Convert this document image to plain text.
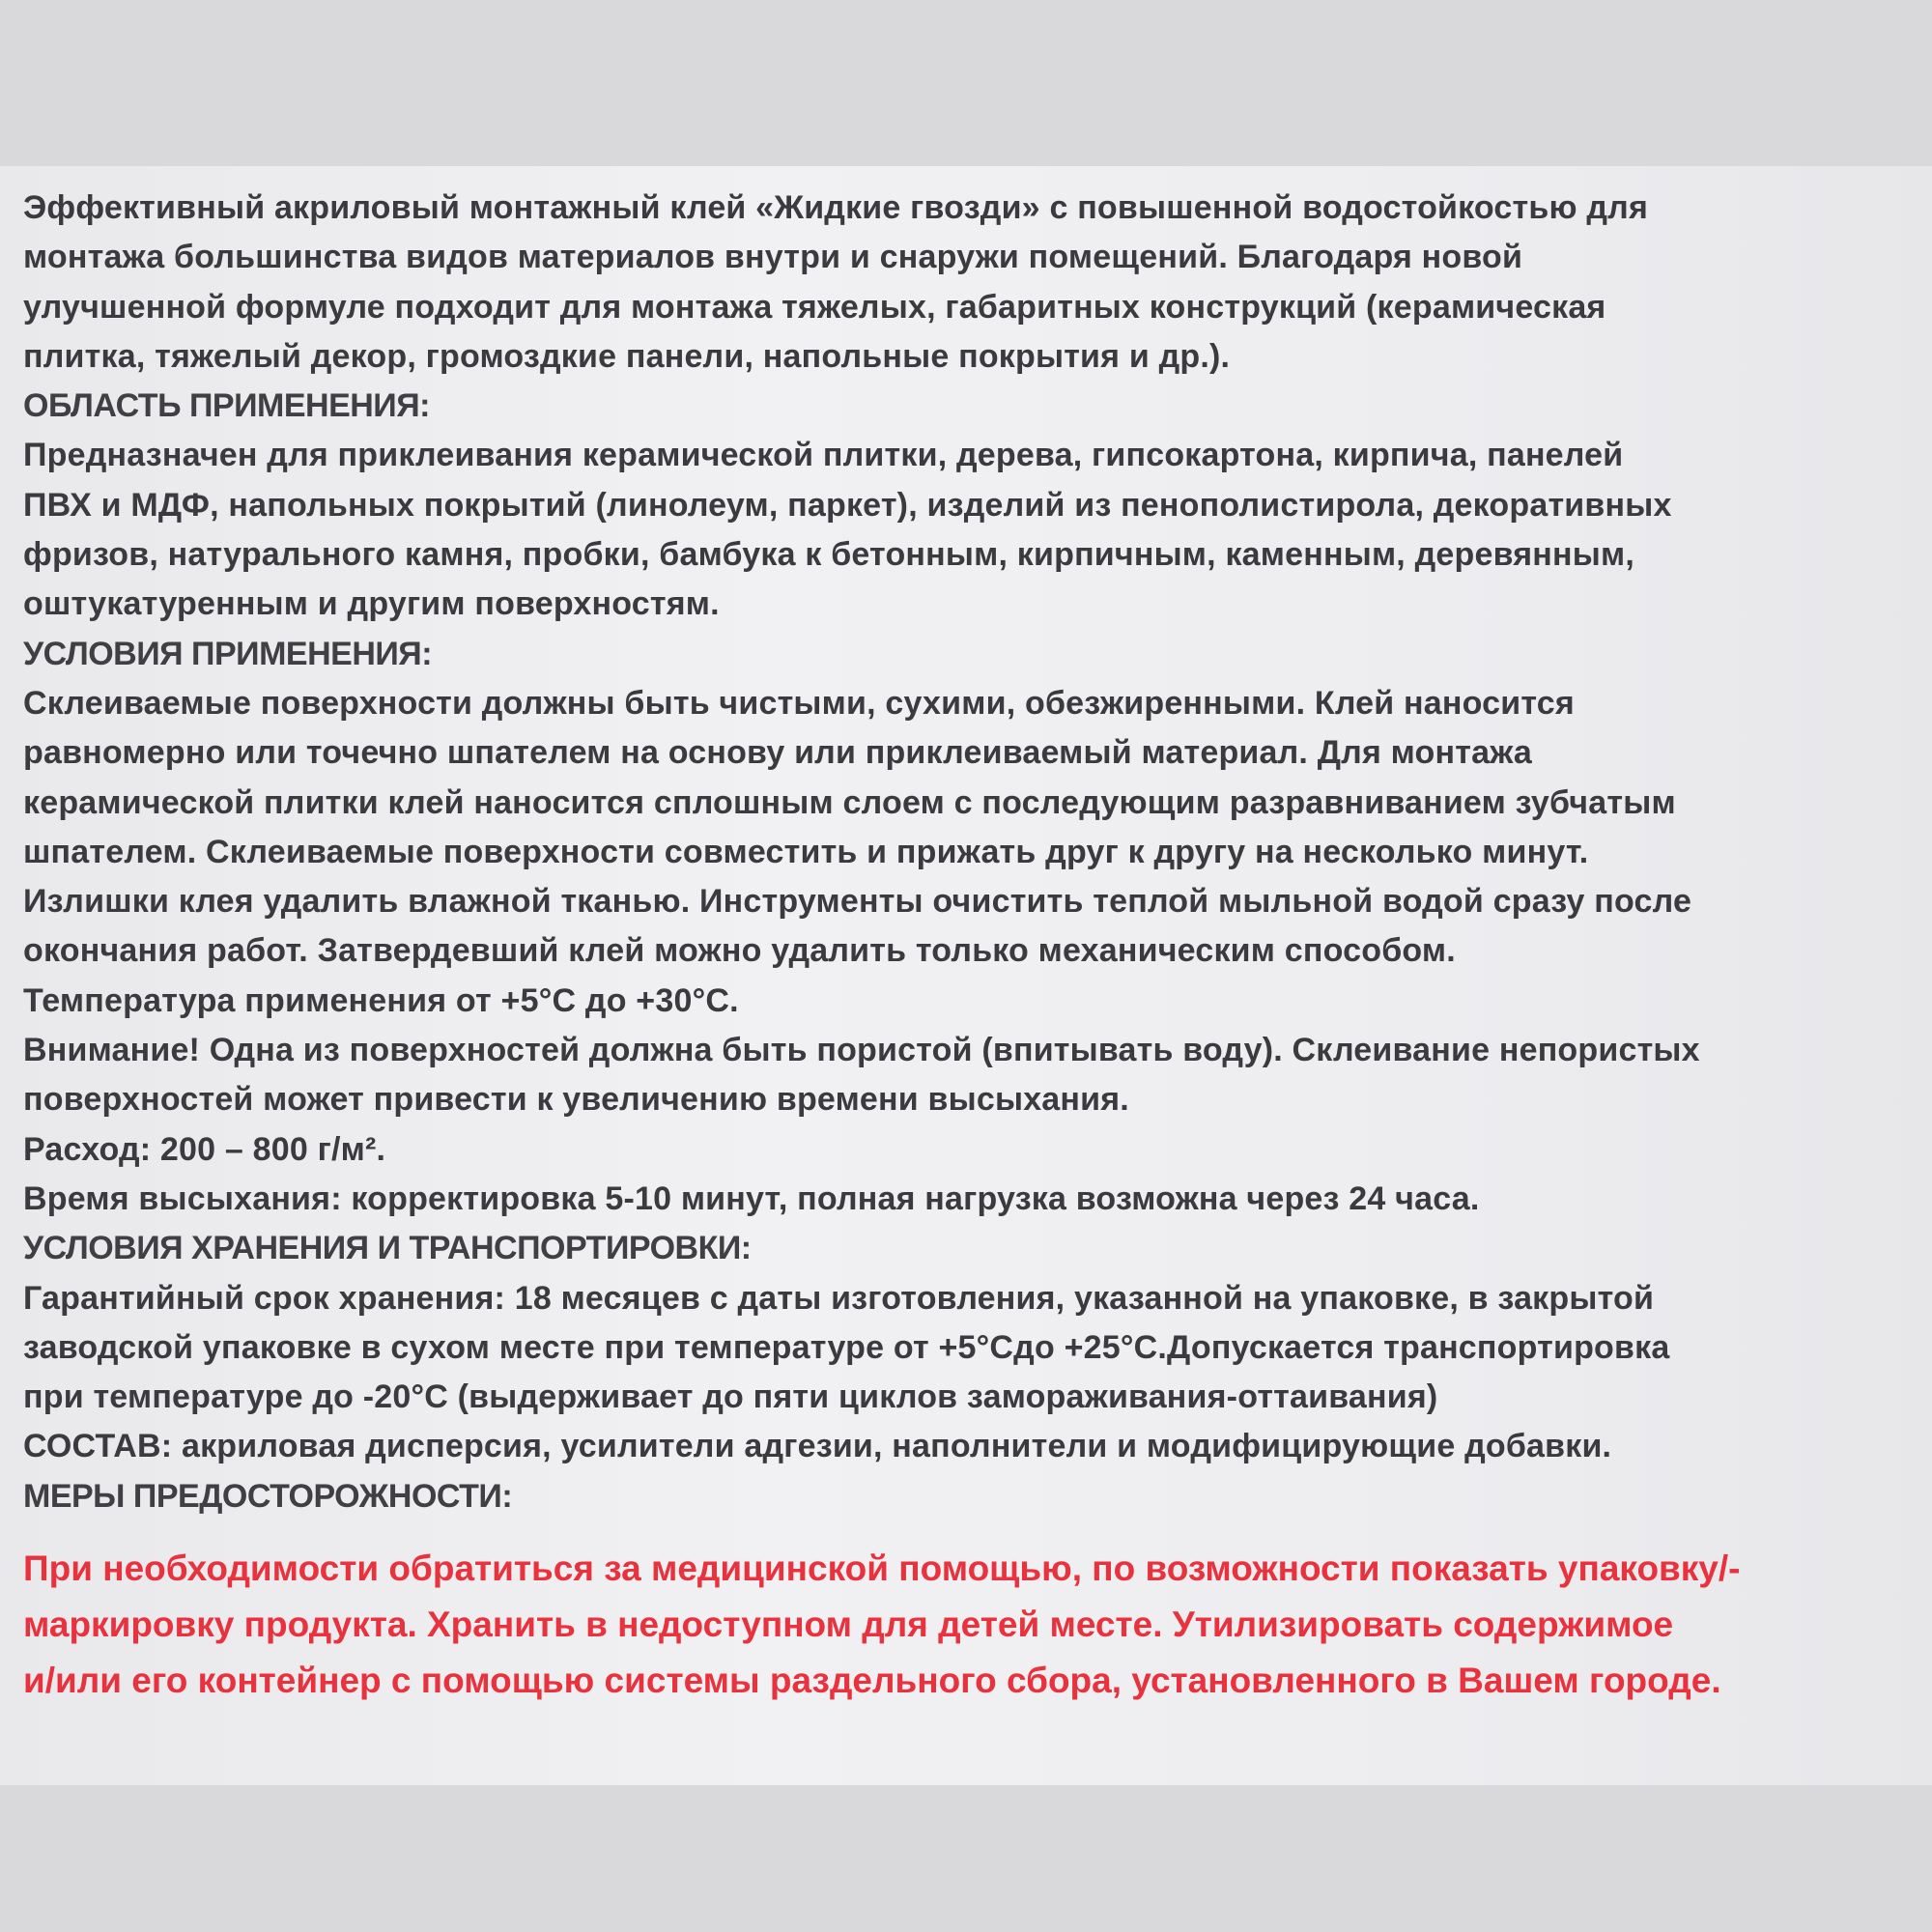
Эффективный акриловый монтажный клей «Жидкие гвозди» с повышенной водостойкостью для
монтажа большинства видов материалов внутри и снаружи помещений. Благодаря новой
улучшенной формуле подходит для монтажа тяжелых, габаритных конструкций (керамическая
плитка, тяжелый декор, громоздкие панели, напольные покрытия и др.).
ОБЛАСТЬ ПРИМЕНЕНИЯ:
Предназначен для приклеивания керамической плитки, дерева, гипсокартона, кирпича, панелей
ПВХ и МДФ, напольных покрытий (линолеум, паркет), изделий из пенополистирола, декоративных
фризов, натурального камня, пробки, бамбука к бетонным, кирпичным, каменным, деревянным,
оштукатуренным и другим поверхностям.
УСЛОВИЯ ПРИМЕНЕНИЯ:
Склеиваемые поверхности должны быть чистыми, сухими, обезжиренными. Клей наносится
равномерно или точечно шпателем на основу или приклеиваемый материал. Для монтажа
керамической плитки клей наносится сплошным слоем с последующим разравниванием зубчатым
шпателем. Склеиваемые поверхности совместить и прижать друг к другу на несколько минут.
Излишки клея удалить влажной тканью. Инструменты очистить теплой мыльной водой сразу после
окончания работ. Затвердевший клей можно удалить только механическим способом.
Температура применения от +5°С до +30°С.
Внимание! Одна из поверхностей должна быть пористой (впитывать воду). Склеивание непористых
поверхностей может привести к увеличению времени высыхания.
Расход: 200 – 800 г/м².
Время высыхания: корректировка 5-10 минут, полная нагрузка возможна через 24 часа.
УСЛОВИЯ ХРАНЕНИЯ И ТРАНСПОРТИРОВКИ:
Гарантийный срок хранения: 18 месяцев с даты изготовления, указанной на упаковке, в закрытой
заводской упаковке в сухом месте при температуре от +5°Сдо +25°С.Допускается транспортировка
при температуре до -20°С (выдерживает до пяти циклов замораживания-оттаивания)
СОСТАВ: акриловая дисперсия, усилители адгезии, наполнители и модифицирующие добавки.
МЕРЫ ПРЕДОСТОРОЖНОСТИ:
При необходимости обратиться за медицинской помощью, по возможности показать упаковку/-
маркировку продукта. Хранить в недоступном для детей месте. Утилизировать содержимое
и/или его контейнер с помощью системы раздельного сбора, установленного в Вашем городе.
